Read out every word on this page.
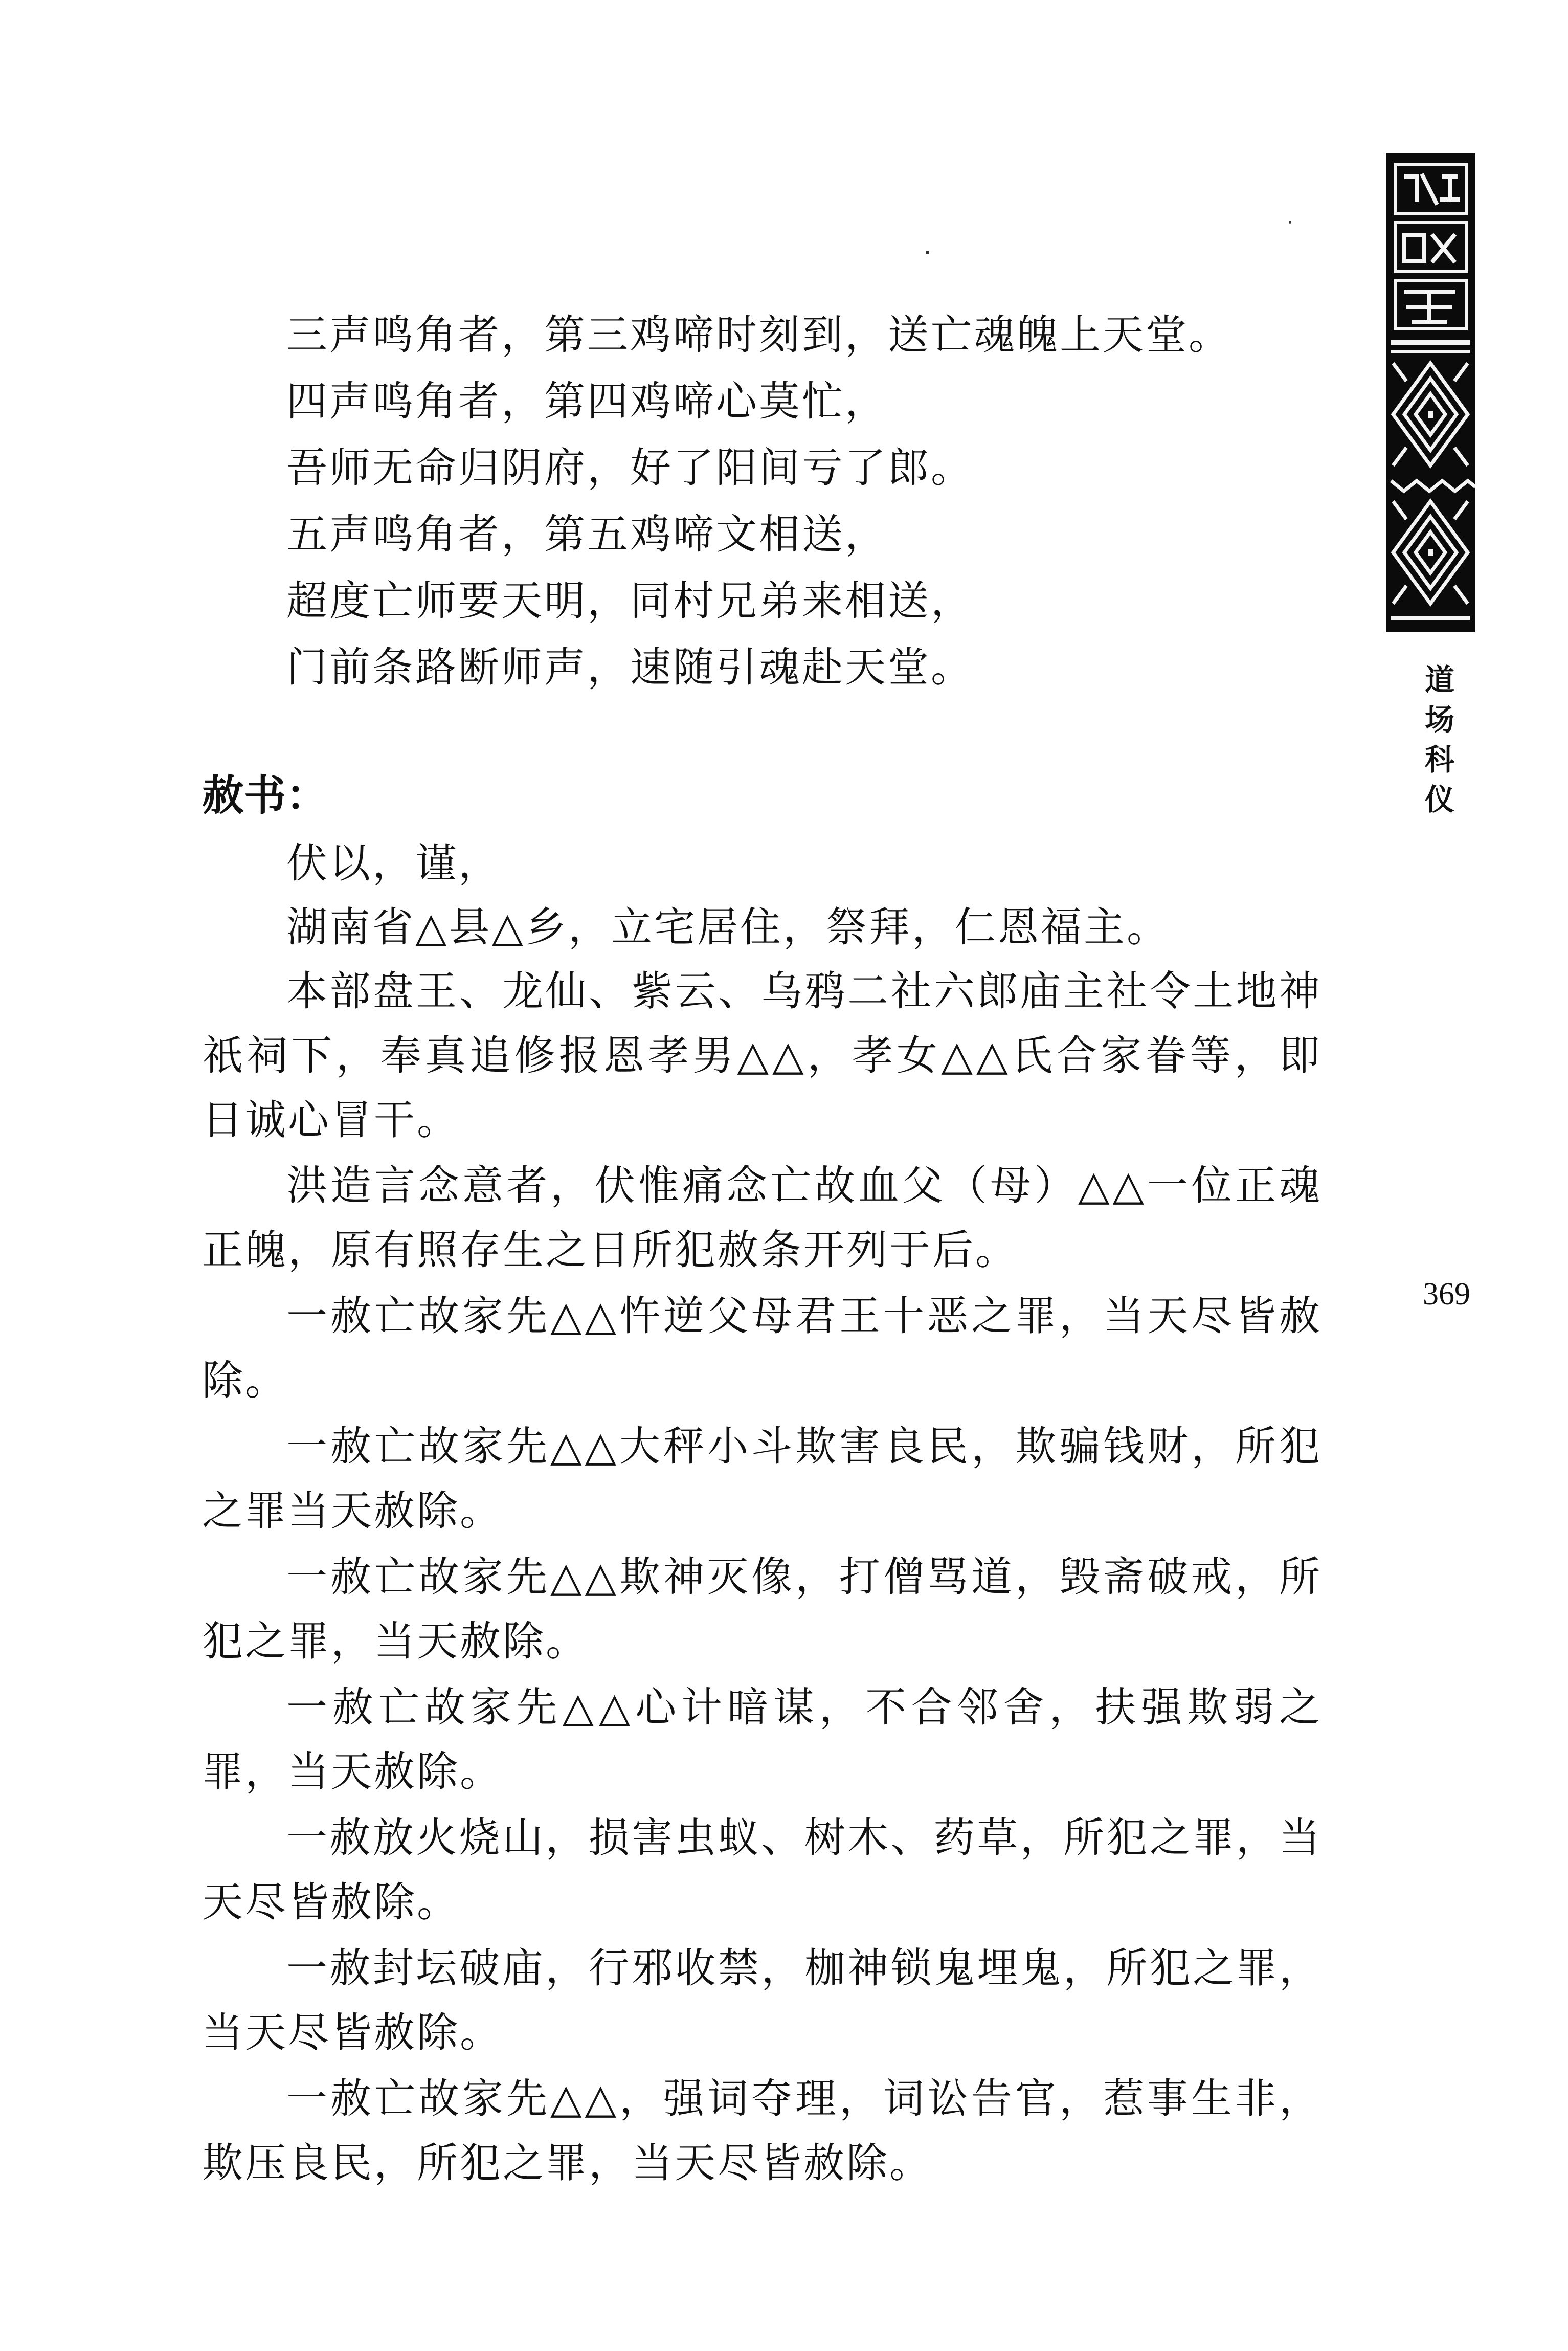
三声鸣角者，第三鸡啼时刻到，送亡魂魄上天堂。
四声鸣角者，第四鸡啼心莫忙，
吾师无命归阴府，好了阳间亏了郎。
五声鸣角者，第五鸡啼文相送，
超度亡师要天明，同村兄弟来相送，
门前条路断师声，速随引魂赴天堂。
赦书：
伏以，谨，
湖南省△县△乡，立宅居住，祭拜，仁恩福主。
本部盘王、龙仙、紫云、乌鸦二社六郎庙主社令土地神祇祠下，奉真追修报恩孝男△△，孝女△△氏合家眷等，即日诚心冒干。
洪造言念意者，伏惟痛念亡故血父（母）△△一位正魂正魄，原有照存生之日所犯赦条开列于后。
一赦亡故家先△△忤逆父母君王十恶之罪，当天尽皆赦除。
一赦亡故家先△△大秤小斗欺害良民，欺骗钱财，所犯之罪当天赦除。
一赦亡故家先△△欺神灭像，打僧骂道，毁斋破戒，所犯之罪，当天赦除。
一赦亡故家先△△心计暗谋，不合邻舍，扶强欺弱之罪，当天赦除。
一赦放火烧山，损害虫蚁、树木、药草，所犯之罪，当天尽皆赦除。
一赦封坛破庙，行邪收禁，枷神锁鬼埋鬼，所犯之罪，当天尽皆赦除。
一赦亡故家先△△，强词夺理，词讼告官，惹事生非，欺压良民，所犯之罪，当天尽皆赦除。
道
场
科
仪
369
